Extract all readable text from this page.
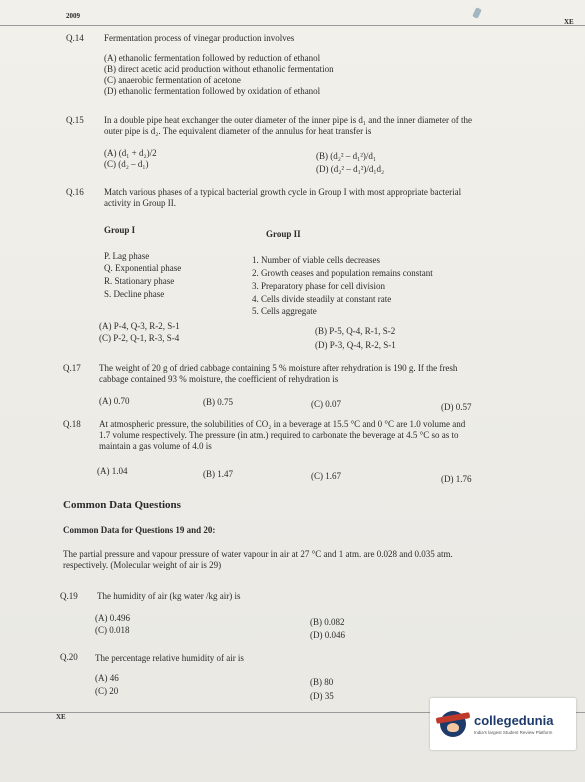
2009
XE
Q.14 Fermentation process of vinegar production involves
(A) ethanolic fermentation followed by reduction of ethanol
(B) direct acetic acid production without ethanolic fermentation
(C) anaerobic fermentation of acetone
(D) ethanolic fermentation followed by oxidation of ethanol
Q.15 In a double pipe heat exchanger the outer diameter of the inner pipe is d₁ and the inner diameter of the
outer pipe is d₂. The equivalent diameter of the annulus for heat transfer is
(A) (d₁ + d₂)/2	(B) (d₂² – d₁²)/d₁
(C) (d₂ – d₁)	(D) (d₂² – d₁²)/d₁d₂
Q.16 Match various phases of a typical bacterial growth cycle in Group I with most appropriate bacterial
activity in Group II.
Group I	Group II
P. Lag phase
Q. Exponential phase
R. Stationary phase
S. Decline phase
1. Number of viable cells decreases
2. Growth ceases and population remains constant
3. Preparatory phase for cell division
4. Cells divide steadily at constant rate
5. Cells aggregate
(A) P-4, Q-3, R-2, S-1	(B) P-5, Q-4, R-1, S-2
(C) P-2, Q-1, R-3, S-4
(D) P-3, Q-4, R-2, S-1
Q.17 The weight of 20 g of dried cabbage containing 5 % moisture after rehydration is 190 g. If the fresh
cabbage contained 93 % moisture, the coefficient of rehydration is
(A) 0.70	(B) 0.75	(C) 0.07	(D) 0.57
Q.18 At atmospheric pressure, the solubilities of CO₂ in a beverage at 15.5 °C and 0 °C are 1.0 volume and
1.7 volume respectively. The pressure (in atm.) required to carbonate the beverage at 4.5 °C so as to
maintain a gas volume of 4.0 is
(A) 1.04	(B) 1.47	(C) 1.67	(D) 1.76
Common Data Questions
Common Data for Questions 19 and 20:
The partial pressure and vapour pressure of water vapour in air at 27 °C and 1 atm. are 0.028 and 0.035 atm.
respectively. (Molecular weight of air is 29)
Q.19 The humidity of air (kg water /kg air) is
(A) 0.496	(B) 0.082
(C) 0.018	(D) 0.046
Q.20 The percentage relative humidity of air is
(A) 46	(B) 80
(C) 20	(D) 35
XE	collegedunia
India's largest Student Review Platform
